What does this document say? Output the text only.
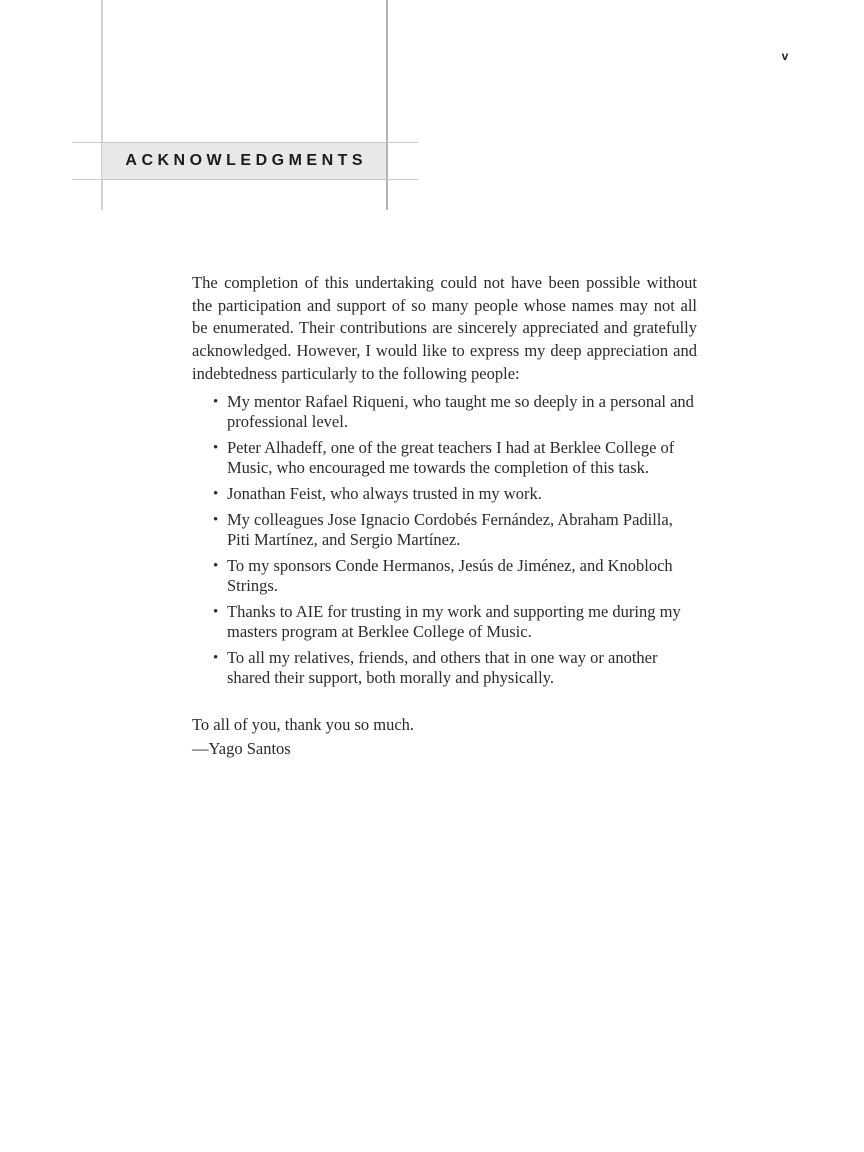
ACKNOWLEDGMENTS
v

The completion of this undertaking could not have been possible without the participation and support of so many people whose names may not all be enumerated. Their contributions are sincerely appreciated and gratefully acknowledged. However, I would like to express my deep appreciation and indebtedness particularly to the following people:

• My mentor Rafael Riqueni, who taught me so deeply in a personal and professional level.
• Peter Alhadeff, one of the great teachers I had at Berklee College of Music, who encouraged me towards the completion of this task.
• Jonathan Feist, who always trusted in my work.
• My colleagues Jose Ignacio Cordobés Fernández, Abraham Padilla, Piti Martínez, and Sergio Martínez.
• To my sponsors Conde Hermanos, Jesús de Jiménez, and Knobloch Strings.
• Thanks to AIE for trusting in my work and supporting me during my masters program at Berklee College of Music.
• To all my relatives, friends, and others that in one way or another shared their support, both morally and physically.

To all of you, thank you so much.

—Yago Santos
